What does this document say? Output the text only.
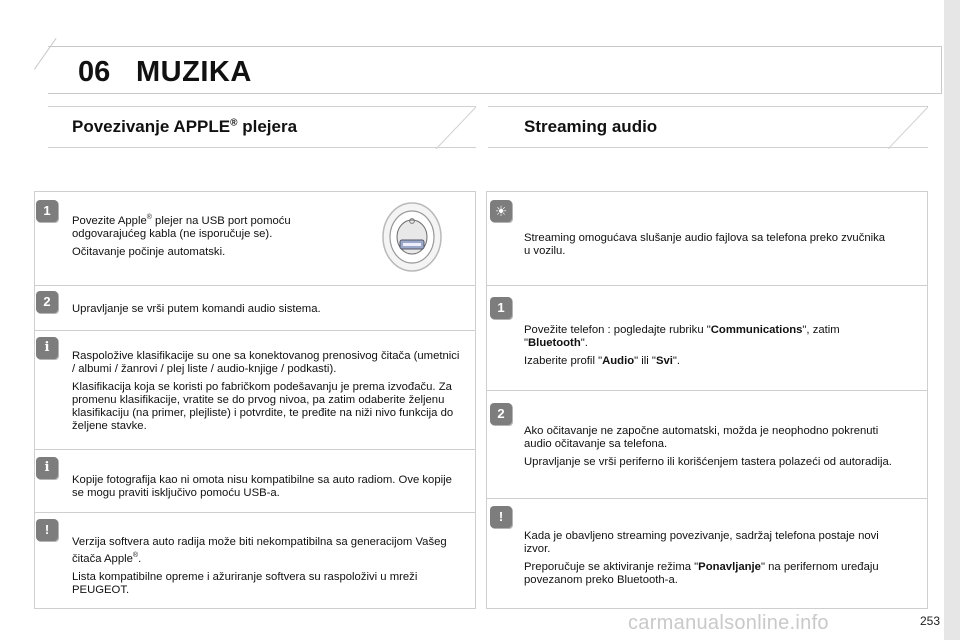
06 MUZIKA
Povezivanje APPLE® plejera	Streaming audio
1

Povezite Apple® plejer na USB port pomoću odgovarajućeg kabla (ne isporučuje se).

Očitavanje počinje automatski.

2	Upravljanje se vrši putem komandi audio sistema.

i

Raspoložive klasifikacije su one sa konektovanog prenosivog čitača (umetnici / albumi / žanrovi / plej liste / audio-knjige / podkasti).

Klasifikacija koja se koristi po fabričkom podešavanju je prema izvođaču. Za promenu klasifikacije, vratite se do prvog nivoa, pa zatim odaberite željenu klasifikaciju (na primer, plejliste) i potvrdite, te pređite na niži nivo funkcija do željene stavke.

i

Kopije fotografija kao ni omota nisu kompatibilne sa auto radiom. Ove kopije se mogu praviti isključivo pomoću USB-a.

!

Verzija softvera auto radija može biti nekompatibilna sa generacijom Vašeg čitača Apple®.

Lista kompatibilne opreme i ažuriranje softvera su raspoloživi u mreži PEUGEOT.

☀

Streaming omogućava slušanje audio fajlova sa telefona preko zvučnika u vozilu.

1

Povežite telefon : pogledajte rubriku "Communications", zatim "Bluetooth".

Izaberite profil "Audio" ili "Svi".

2

Ako očitavanje ne započne automatski, možda je neophodno pokrenuti audio očitavanje sa telefona.

Upravljanje se vrši periferno ili korišćenjem tastera polazeći od autoradija.

!

Kada je obavljeno streaming povezivanje, sadržaj telefona postaje novi izvor.

Preporučuje se aktiviranje režima "Ponavljanje" na perifernom uređaju povezanom preko Bluetooth-a.

carmanualsonline.info	253
